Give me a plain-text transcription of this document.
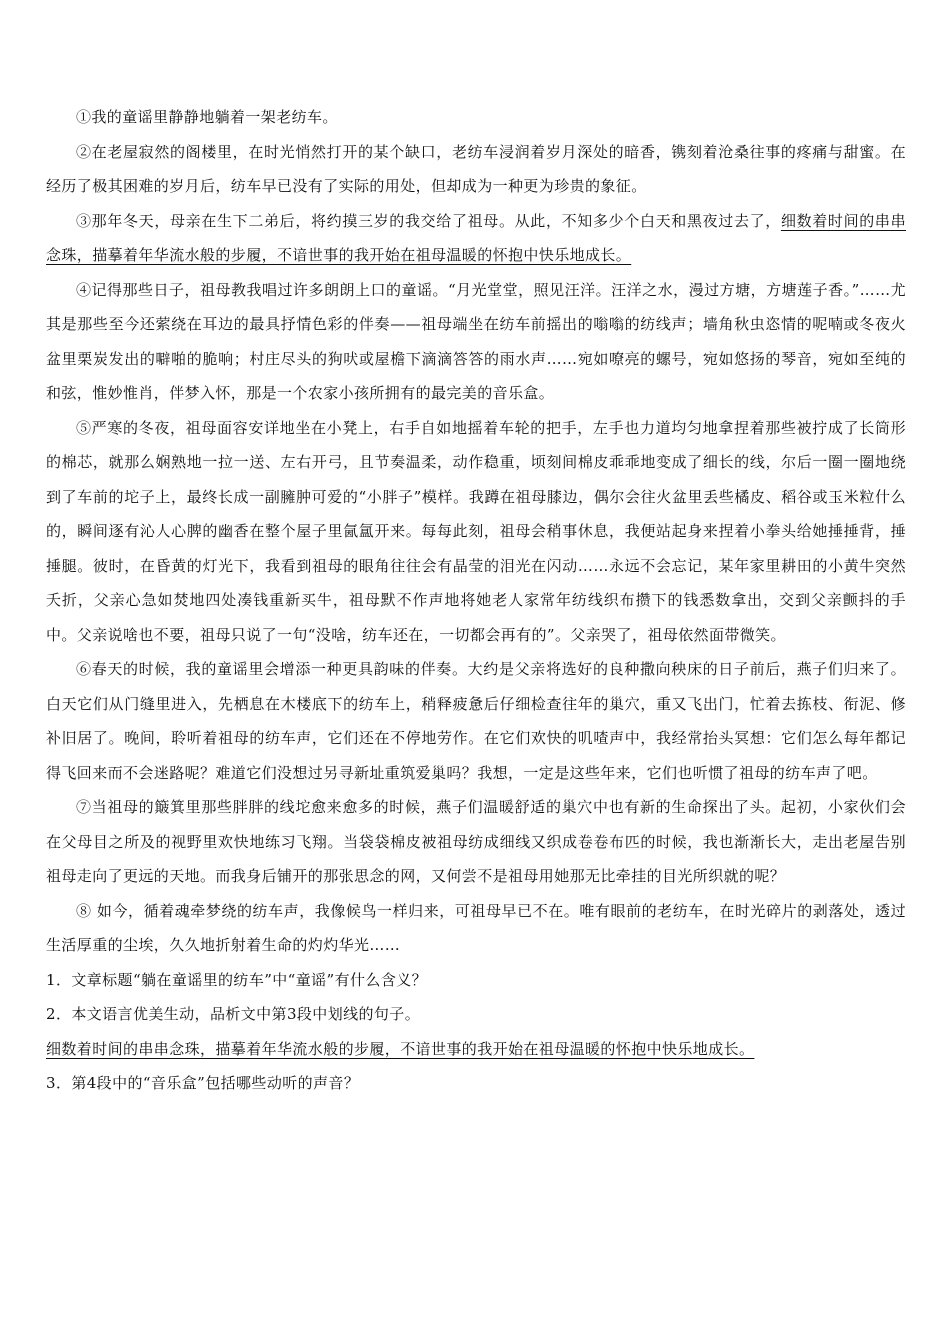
①我的童谣里静静地躺着一架老纺车。

②在老屋寂然的阁楼里，在时光悄然打开的某个缺口，老纺车浸润着岁月深处的暗香，镌刻着沧桑往事的疼痛与甜蜜。在经历了极其困难的岁月后，纺车早已没有了实际的用处，但却成为一种更为珍贵的象征。

③那年冬天，母亲在生下二弟后，将约摸三岁的我交给了祖母。从此，不知多少个白天和黑夜过去了，细数着时间的串串念珠，描摹着年华流水般的步履，不谙世事的我开始在祖母温暖的怀抱中快乐地成长。

④记得那些日子，祖母教我唱过许多朗朗上口的童谣。“月光堂堂，照见汪洋。汪洋之水，漫过方塘，方塘莲子香。”……尤其是那些至今还萦绕在耳边的最具抒情色彩的伴奏——祖母端坐在纺车前摇出的嗡嗡的纺线声；墙角秋虫恣情的呢喃或冬夜火盆里栗炭发出的噼啪的脆响；村庄尽头的狗吠或屋檐下滴滴答答的雨水声……宛如嘹亮的螺号，宛如悠扬的琴音，宛如至纯的和弦，惟妙惟肖，伴梦入怀，那是一个农家小孩所拥有的最完美的音乐盒。

⑤严寒的冬夜，祖母面容安详地坐在小凳上，右手自如地摇着车轮的把手，左手也力道均匀地拿捏着那些被拧成了长筒形的棉芯，就那么娴熟地一拉一送、左右开弓，且节奏温柔，动作稳重，顷刻间棉皮乖乖地变成了细长的线，尔后一圈一圈地绕到了车前的坨子上，最终长成一副臃肿可爱的“小胖子”模样。我蹲在祖母膝边，偶尔会往火盆里丢些橘皮、稻谷或玉米粒什么的，瞬间逐有沁人心脾的幽香在整个屋子里氤氲开来。每每此刻，祖母会稍事休息，我便站起身来捏着小拳头给她捶捶背，捶捶腿。彼时，在昏黄的灯光下，我看到祖母的眼角往往会有晶莹的泪光在闪动……永远不会忘记，某年家里耕田的小黄牛突然夭折，父亲心急如焚地四处凑钱重新买牛，祖母默不作声地将她老人家常年纺线织布攒下的钱悉数拿出，交到父亲颤抖的手中。父亲说啥也不要，祖母只说了一句“没啥，纺车还在，一切都会再有的”。父亲哭了，祖母依然面带微笑。

⑥春天的时候，我的童谣里会增添一种更具韵味的伴奏。大约是父亲将选好的良种撒向秧床的日子前后，燕子们归来了。白天它们从门缝里进入，先栖息在木楼底下的纺车上，稍释疲惫后仔细检查往年的巢穴，重又飞出门，忙着去拣枝、衔泥、修补旧居了。晚间，聆听着祖母的纺车声，它们还在不停地劳作。在它们欢快的叽喳声中，我经常抬头冥想：它们怎么每年都记得飞回来而不会迷路呢？难道它们没想过另寻新址重筑爱巢吗？我想，一定是这些年来，它们也听惯了祖母的纺车声了吧。

⑦当祖母的簸箕里那些胖胖的线坨愈来愈多的时候，燕子们温暖舒适的巢穴中也有新的生命探出了头。起初，小家伙们会在父母目之所及的视野里欢快地练习飞翔。当袋袋棉皮被祖母纺成细线又织成卷卷布匹的时候，我也渐渐长大，走出老屋告别祖母走向了更远的天地。而我身后铺开的那张思念的网，又何尝不是祖母用她那无比牵挂的目光所织就的呢？

⑧ 如今，循着魂牵梦绕的纺车声，我像候鸟一样归来，可祖母早已不在。唯有眼前的老纺车，在时光碎片的剥落处，透过生活厚重的尘埃，久久地折射着生命的灼灼华光……

1．文章标题“躺在童谣里的纺车”中“童谣”有什么含义？

2．本文语言优美生动，品析文中第3段中划线的句子。

细数着时间的串串念珠，描摹着年华流水般的步履，不谙世事的我开始在祖母温暖的怀抱中快乐地成长。

3．第4段中的“音乐盒”包括哪些动听的声音？
